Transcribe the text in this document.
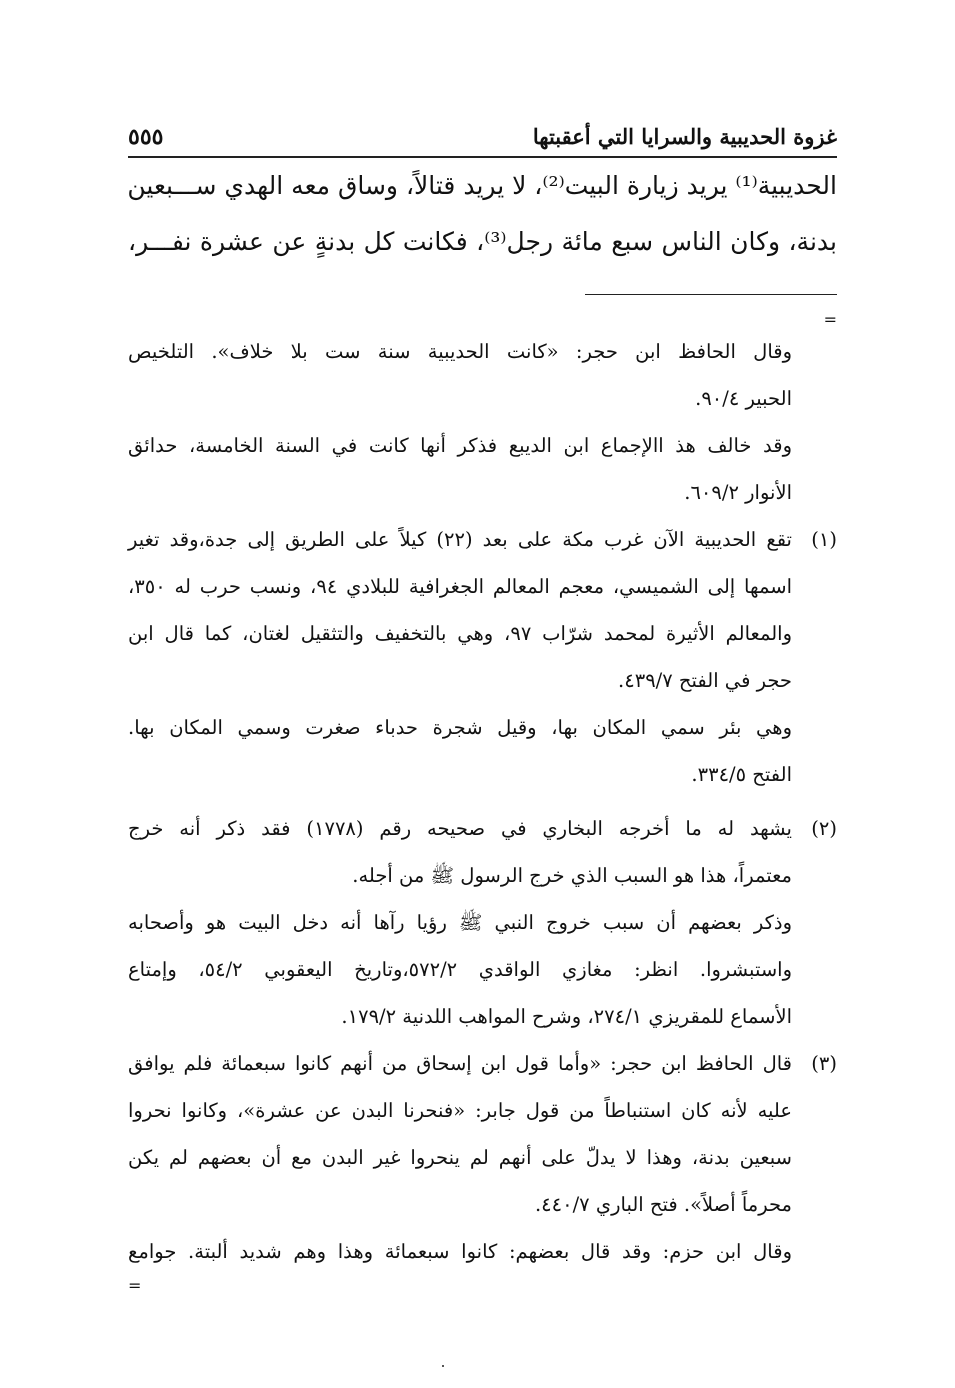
غزوة الحديبية والسرايا التي أعقبتها
٥٥٥
الحديبية⁽¹⁾ يريد زيارة البيت⁽²⁾، لا يريد قتالاً، وساق معه الهدي ســـبعين
بدنة، وكان الناس سبع مائة رجل⁽³⁾، فكانت كل بدنةٍ عن عشرة نفـــر،
=
وقال الحافظ ابن حجر: «كانت الحديبية سنة ست بلا خلاف». التلخيص
الحبير ٩٠/٤.
وقد خالف هذ االإجماع ابن الديبع فذكر أنها كانت في السنة الخامسة، حدائق
الأنوار ٦٠٩/٢.
(١)
تقع الحديبية الآن غرب مكة على بعد (٢٢) كيلاً على الطريق إلى جدة،وقد تغير
اسمها إلى الشميسي، معجم المعالم الجغرافية للبلادي ٩٤، ونسب حرب له ٣٥٠،
والمعالم الأثيرة لمحمد شرّاب ٩٧، وهي بالتخفيف والتثقيل لغتان، كما قال ابن
حجر في الفتح ٤٣٩/٧.
وهي بئر سمي المكان بها، وقيل شجرة حدباء صغرت وسمي المكان بها.
الفتح ٣٣٤/٥.
(٢)
يشهد له ما أخرجه البخاري في صحيحه رقم (١٧٧٨) فقد ذكر أنه خرج
معتمراً، هذا هو السبب الذي خرج الرسول ﷺ من أجله.
وذكر بعضهم أن سبب خروج النبي ﷺ رؤيا رآها أنه دخل البيت هو وأصحابه
واستبشروا. انظر: مغازي الواقدي ٥٧٢/٢،وتاريخ اليعقوبي ٥٤/٢، وإمتاع
الأسماع للمقريزي ٢٧٤/١، وشرح المواهب اللدنية ١٧٩/٢.
(٣)
قال الحافظ ابن حجر: «وأما قول ابن إسحاق من أنهم كانوا سبعمائة فلم يوافق
عليه لأنه كان استنباطاً من قول جابر: «فنحرنا البدن عن عشرة»، وكانوا نحروا
سبعين بدنة، وهذا لا يدلّ على أنهم لم ينحروا غير البدن مع أن بعضهم لم يكن
محرماً أصلاً». فتح الباري ٤٤٠/٧.
وقال ابن حزم: وقد قال بعضهم: كانوا سبعمائة وهذا وهم شديد ألبتة. جوامع
=
